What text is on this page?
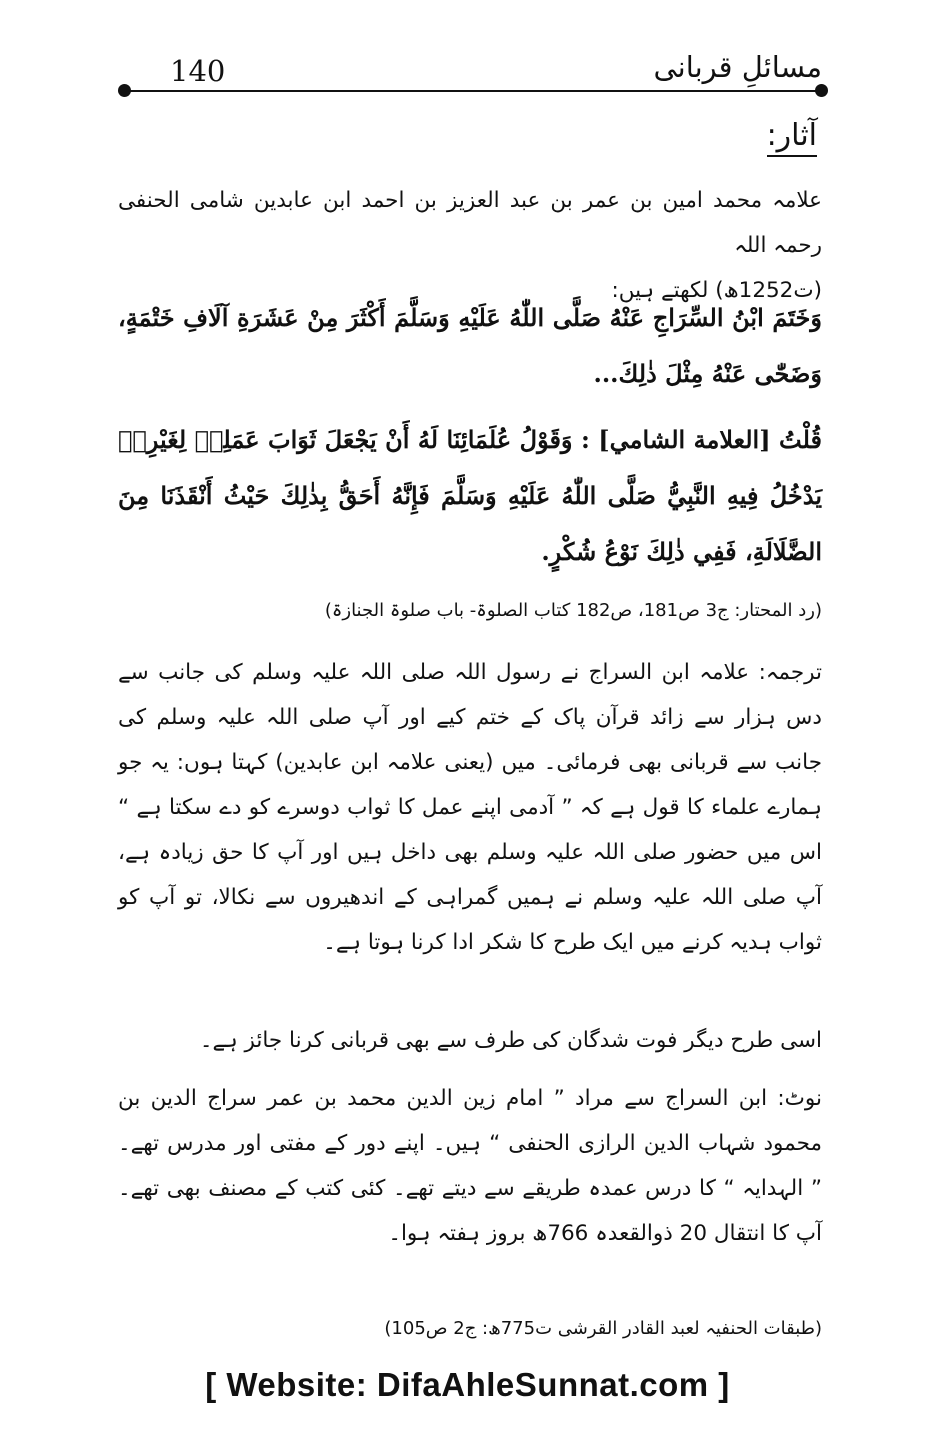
140	مسائلِ قربانی
آثار:

علامہ محمد امین بن عمر بن عبد العزیز بن احمد ابن عابدین شامی الحنفی رحمہ اللہ

(ت1252ھ) لکھتے ہیں:

وَخَتَمَ ابْنُ السِّرَاجِ عَنْهُ صَلَّى اللّٰهُ عَلَيْهِ وَسَلَّمَ أَكْثَرَ مِنْ عَشَرَةِ آلَافِ خَتْمَةٍ، وَضَحّٰى عَنْهُ مِثْلَ ذٰلِكَ...

قُلْتُ [العلامة الشامي] : وَقَوْلُ عُلَمَائِنَا لَهُ أَنْ يَجْعَلَ ثَوَابَ عَمَلِهٖ لِغَيْرِهٖ يَدْخُلُ فِيهِ النَّبِيُّ صَلَّى اللّٰهُ عَلَيْهِ وَسَلَّمَ فَإِنَّهُ أَحَقُّ بِذٰلِكَ حَيْثُ أَنْقَذَنَا مِنَ الضَّلَالَةِ، فَفِي ذٰلِكَ نَوْعُ شُكْرٍ.

(رد المحتار: ج3 ص181، ص182 کتاب الصلوۃ- باب صلوۃ الجنازۃ)

ترجمہ: علامہ ابن السراج نے رسول اللہ صلی اللہ علیہ وسلم کی جانب سے دس ہزار سے زائد قرآن پاک کے ختم کیے اور آپ صلی اللہ علیہ وسلم کی جانب سے قربانی بھی فرمائی۔ میں (یعنی علامہ ابن عابدین) کہتا ہوں: یہ جو ہمارے علماء کا قول ہے کہ ” آدمی اپنے عمل کا ثواب دوسرے کو دے سکتا ہے “ اس میں حضور صلی اللہ علیہ وسلم بھی داخل ہیں اور آپ کا حق زیادہ ہے، آپ صلی اللہ علیہ وسلم نے ہمیں گمراہی کے اندھیروں سے نکالا، تو آپ کو ثواب ہدیہ کرنے میں ایک طرح کا شکر ادا کرنا ہوتا ہے۔

اسی طرح دیگر فوت شدگان کی طرف سے بھی قربانی کرنا جائز ہے۔

نوٹ: ابن السراج سے مراد ” امام زین الدین محمد بن عمر سراج الدین بن محمود شہاب الدین الرازی الحنفی “ ہیں۔ اپنے دور کے مفتی اور مدرس تھے۔ ” الہدایہ “ کا درس عمدہ طریقے سے دیتے تھے۔ کئی کتب کے مصنف بھی تھے۔ آپ کا انتقال 20 ذوالقعدہ 766ھ بروز ہفتہ ہوا۔

(طبقات الحنفیہ لعبد القادر القرشی ت775ھ: ج2 ص105)

[ Website: DifaAhleSunnat.com ]
